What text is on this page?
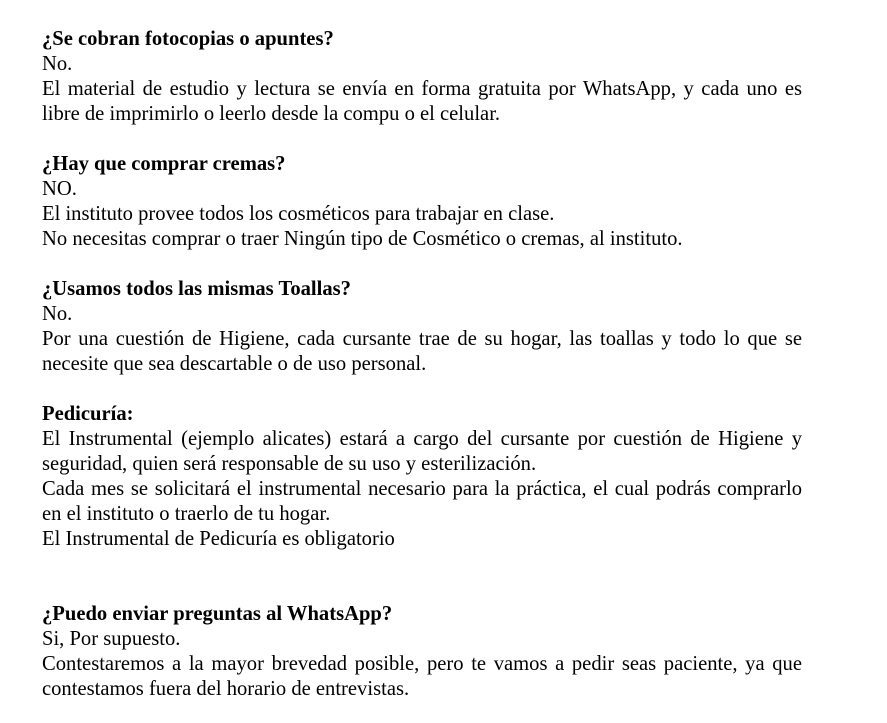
¿Se cobran fotocopias o apuntes?
No.
El material de estudio y lectura se envía en forma gratuita por WhatsApp, y cada uno es
libre de imprimirlo o leerlo desde la compu o el celular.
¿Hay que comprar cremas?
NO.
El instituto provee todos los cosméticos para trabajar en clase.
No necesitas comprar o traer Ningún tipo de Cosmético o cremas, al instituto.
¿Usamos todos las mismas Toallas?
No.
Por una cuestión de Higiene, cada cursante trae de su hogar, las toallas y todo lo que se
necesite que sea descartable o de uso personal.
Pedicuría:
El Instrumental (ejemplo alicates) estará a cargo del cursante por cuestión de Higiene y
seguridad, quien será responsable de su uso y esterilización.
Cada mes se solicitará el instrumental necesario para la práctica, el cual podrás comprarlo
en el instituto o traerlo de tu hogar.
El Instrumental de Pedicuría es obligatorio
¿Puedo enviar preguntas al WhatsApp?
Si, Por supuesto.
Contestaremos a la mayor brevedad posible, pero te vamos a pedir seas paciente, ya que
contestamos fuera del horario de entrevistas.
